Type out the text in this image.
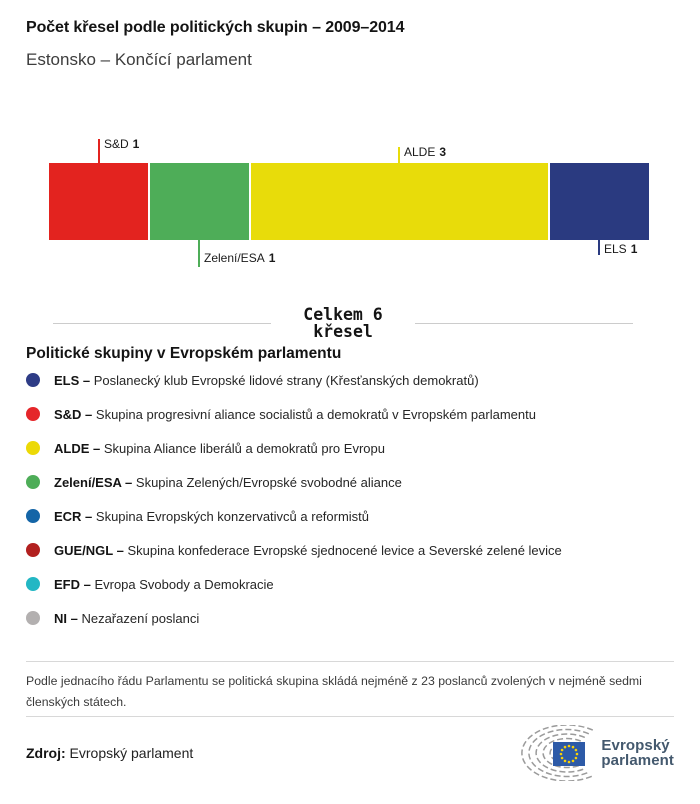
Počet křesel podle politických skupin – 2009–2014
Estonsko – Končící parlament
S&D 1
Zelení/ESA 1
ALDE 3
ELS 1
Celkem 6
křesel
Politické skupiny v Evropském parlamentu
ELS – Poslanecký klub Evropské lidové strany (Křesťanských demokratů)
S&D – Skupina progresivní aliance socialistů a demokratů v Evropském parlamentu
ALDE – Skupina Aliance liberálů a demokratů pro Evropu
Zelení/ESA – Skupina Zelených/Evropské svobodné aliance
ECR – Skupina Evropských konzervativců a reformistů
GUE/NGL – Skupina konfederace Evropské sjednocené levice a Severské zelené levice
EFD – Evropa Svobody a Demokracie
NI – Nezařazení poslanci

Podle jednacího řádu Parlamentu se politická skupina skládá nejméně z 23 poslanců zvolených v nejméně sedmi členských státech.

Zdroj: Evropský parlament	Evropský
parlament
